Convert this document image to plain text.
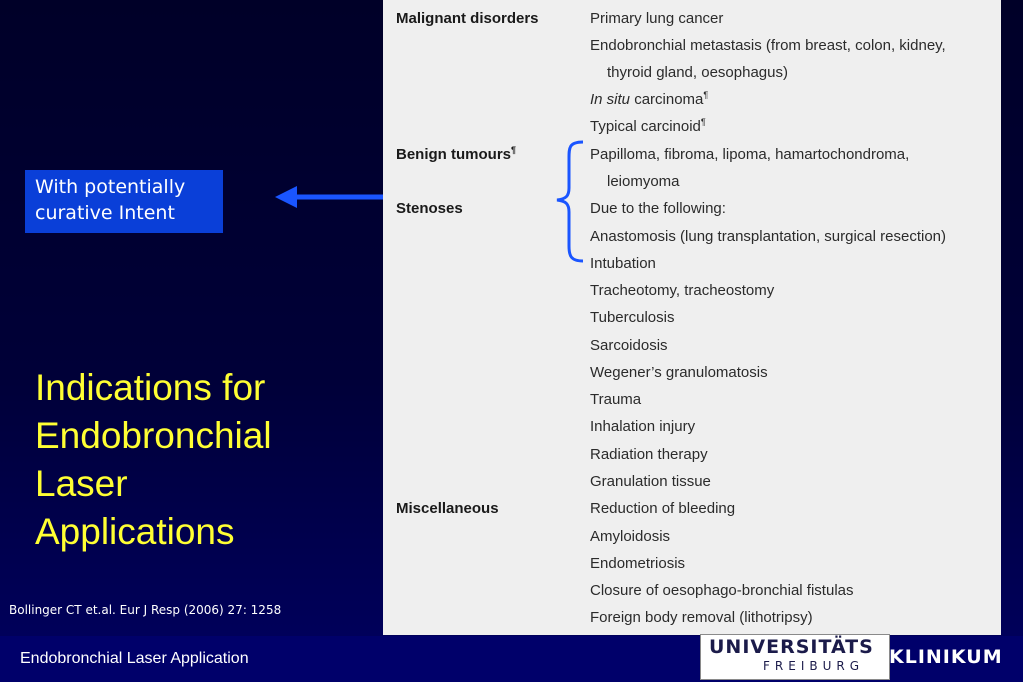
With potentially
curative Intent
Indications for
Endobronchial
Laser
Applications
Bollinger CT et.al. Eur J Resp (2006) 27: 1258
Malignant disorders	Primary lung cancer
Endobronchial metastasis (from breast, colon, kidney,
thyroid gland, oesophagus)
In situ carcinoma¶
Typical carcinoid¶
Benign tumours¶	Papilloma, fibroma, lipoma, hamartochondroma,
leiomyoma
Stenoses	Due to the following:
Anastomosis (lung transplantation, surgical resection)
Intubation
Tracheotomy, tracheostomy
Tuberculosis
Sarcoidosis
Wegener’s granulomatosis
Trauma
Inhalation injury
Radiation therapy
Granulation tissue
Miscellaneous	Reduction of bleeding
Amyloidosis
Endometriosis
Closure of oesophago-bronchial fistulas
Foreign body removal (lithotripsy)
Endobronchial Laser Application
UNIVERSITÄTS
FREIBURG KLINIKUM
